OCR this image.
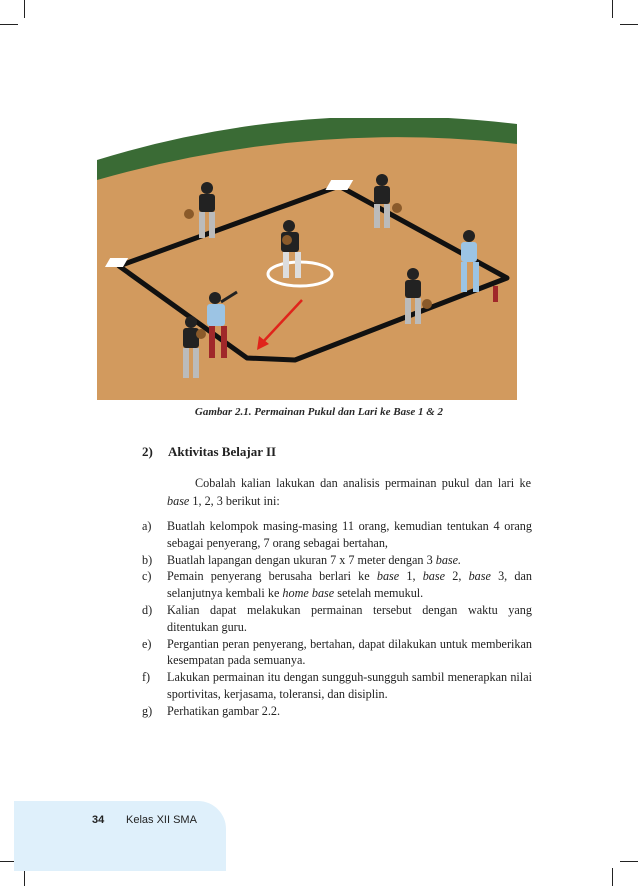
Gambar 2.1. Permainan Pukul dan Lari ke Base 1 & 2
2) Aktivitas Belajar II

Cobalah kalian lakukan dan analisis permainan pukul dan lari ke base 1, 2, 3 berikut ini:

a) Buatlah kelompok masing-masing 11 orang, kemudian tentukan 4 orang sebagai penyerang, 7 orang sebagai bertahan,
b) Buatlah lapangan dengan ukuran 7 x 7 meter dengan 3 base.
c) Pemain penyerang berusaha berlari ke base 1, base 2, base 3, dan selanjutnya kembali ke home base setelah memukul.
d) Kalian dapat melakukan permainan tersebut dengan waktu yang ditentukan guru.
e) Pergantian peran penyerang, bertahan, dapat dilakukan untuk memberikan kesempatan pada semuanya.
f) Lakukan permainan itu dengan sungguh-sungguh sambil menerapkan nilai sportivitas, kerjasama, toleransi, dan disiplin.
g) Perhatikan gambar 2.2.
34 Kelas XII SMA
